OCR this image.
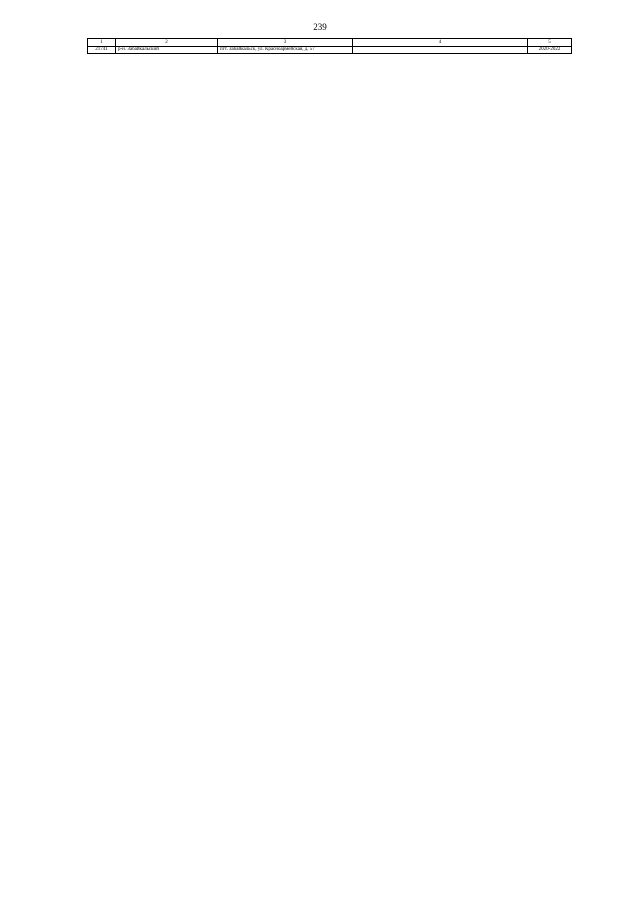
239
1	2	3	4	5
21741	р-н. Забайкальский	пгт. Забайкальск, ул. Красноармейская, д. 57		2020-2022
